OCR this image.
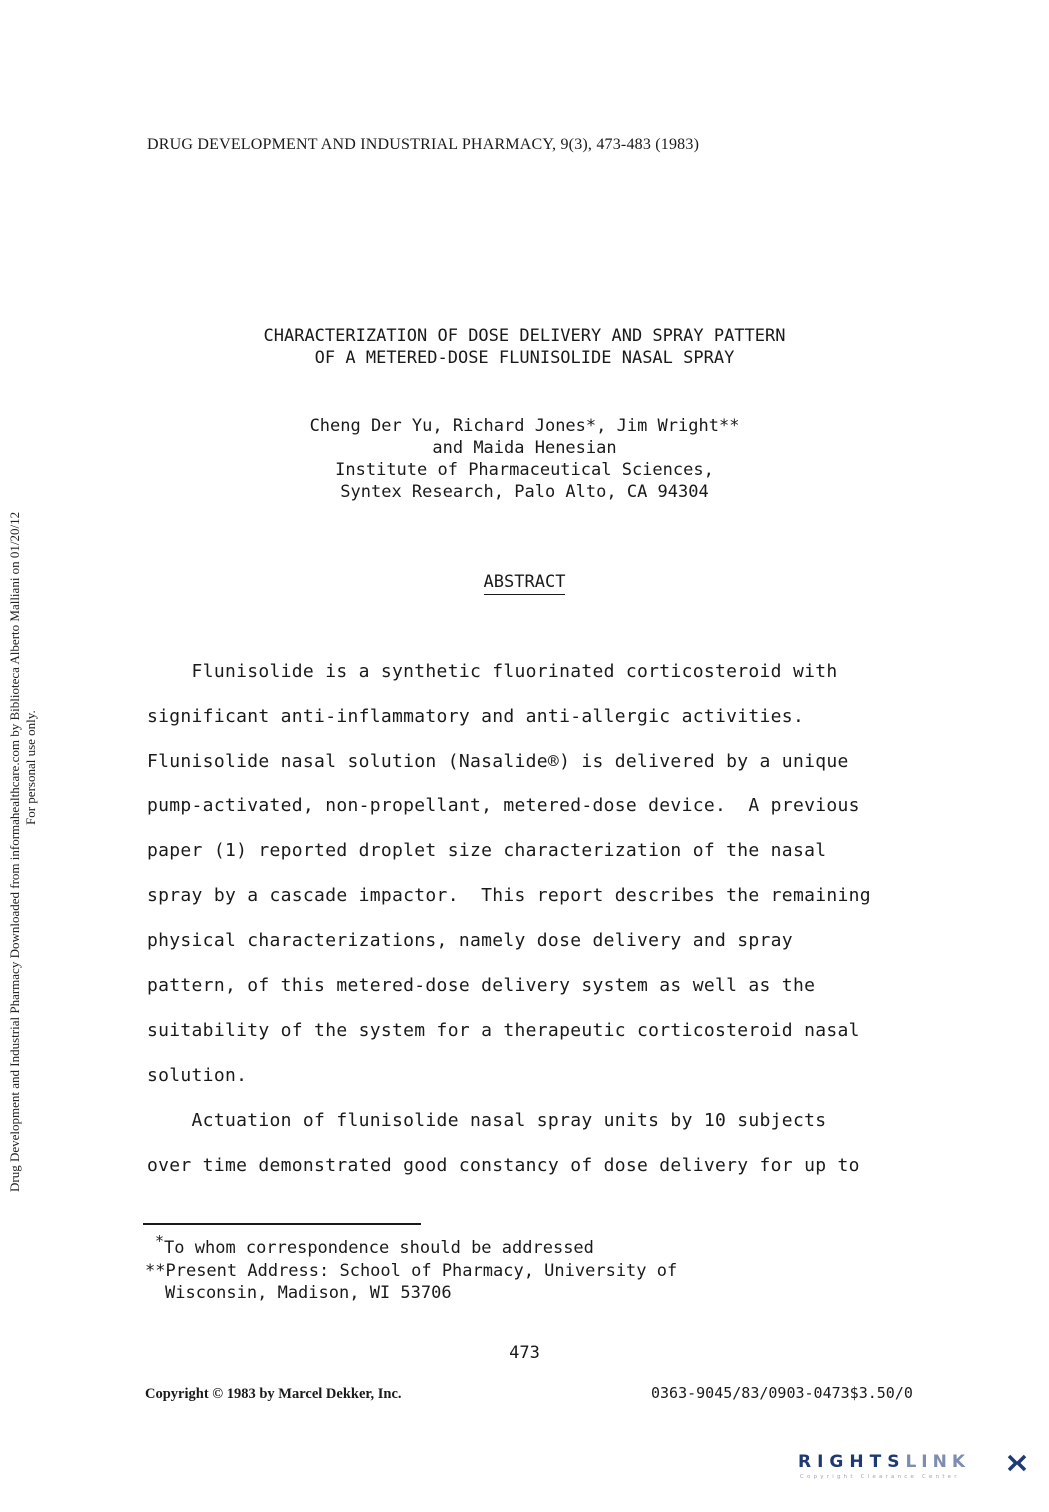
Drug Development and Industrial Pharmacy Downloaded from informahealthcare.com by Biblioteca Alberto Malliani on 01/20/12 For personal use only.
DRUG DEVELOPMENT AND INDUSTRIAL PHARMACY, 9(3), 473-483 (1983)
CHARACTERIZATION OF DOSE DELIVERY AND SPRAY PATTERN
OF A METERED-DOSE FLUNISOLIDE NASAL SPRAY
Cheng Der Yu, Richard Jones*, Jim Wright**
and Maida Henesian
Institute of Pharmaceutical Sciences,
Syntex Research, Palo Alto, CA 94304
ABSTRACT
Flunisolide is a synthetic fluorinated corticosteroid with
significant anti-inflammatory and anti-allergic activities.
Flunisolide nasal solution (Nasalide®) is delivered by a unique
pump-activated, non-propellant, metered-dose device.  A previous
paper (1) reported droplet size characterization of the nasal
spray by a cascade impactor.  This report describes the remaining
physical characterizations, namely dose delivery and spray
pattern, of this metered-dose delivery system as well as the
suitability of the system for a therapeutic corticosteroid nasal
solution.
Actuation of flunisolide nasal spray units by 10 subjects
over time demonstrated good constancy of dose delivery for up to
*To whom correspondence should be addressed
**Present Address: School of Pharmacy, University of
Wisconsin, Madison, WI 53706
473
Copyright © 1983 by Marcel Dekker, Inc.	0363-9045/83/0903-0473$3.50/0
RIGHTSLINK
Copyright Clearance Center
